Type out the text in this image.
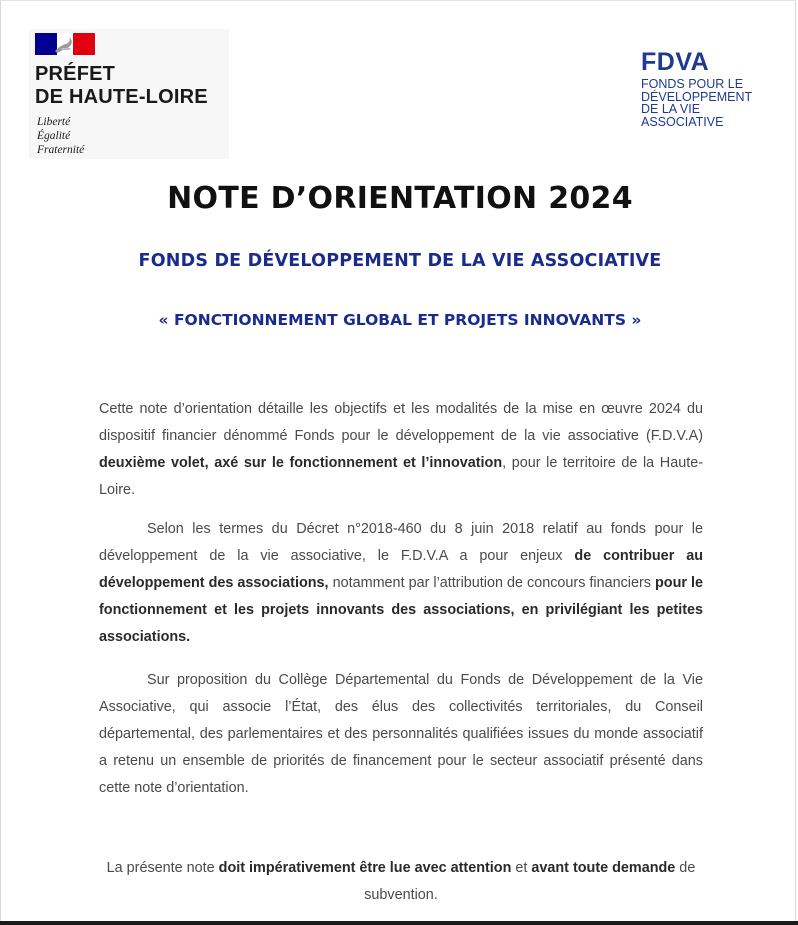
PRÉFET
DE HAUTE-LOIRE
Liberté
Égalité
Fraternité
FDVA
FONDS POUR LE
DÉVELOPPEMENT
DE LA VIE
ASSOCIATIVE
NOTE D’ORIENTATION 2024
FONDS DE DÉVELOPPEMENT DE LA VIE ASSOCIATIVE
« FONCTIONNEMENT GLOBAL ET PROJETS INNOVANTS »
Cette note d’orientation détaille les objectifs et les modalités de la mise en œuvre 2024 du dispositif financier dénommé Fonds pour le développement de la vie associative (F.D.V.A) deuxième volet, axé sur le fonctionnement et l’innovation, pour le territoire de la Haute-Loire.
Selon les termes du Décret n°2018-460 du 8 juin 2018 relatif au fonds pour le développement de la vie associative, le F.D.V.A a pour enjeux de contribuer au développement des associations, notamment par l’attribution de concours financiers pour le fonctionnement et les projets innovants des associations, en privilégiant les petites associations.
Sur proposition du Collège Départemental du Fonds de Développement de la Vie Associative, qui associe l’État, des élus des collectivités territoriales, du Conseil départemental, des parlementaires et des personnalités qualifiées issues du monde associatif a retenu un ensemble de priorités de financement pour le secteur associatif présenté dans cette note d’orientation.
La présente note doit impérativement être lue avec attention et avant toute demande de subvention.
